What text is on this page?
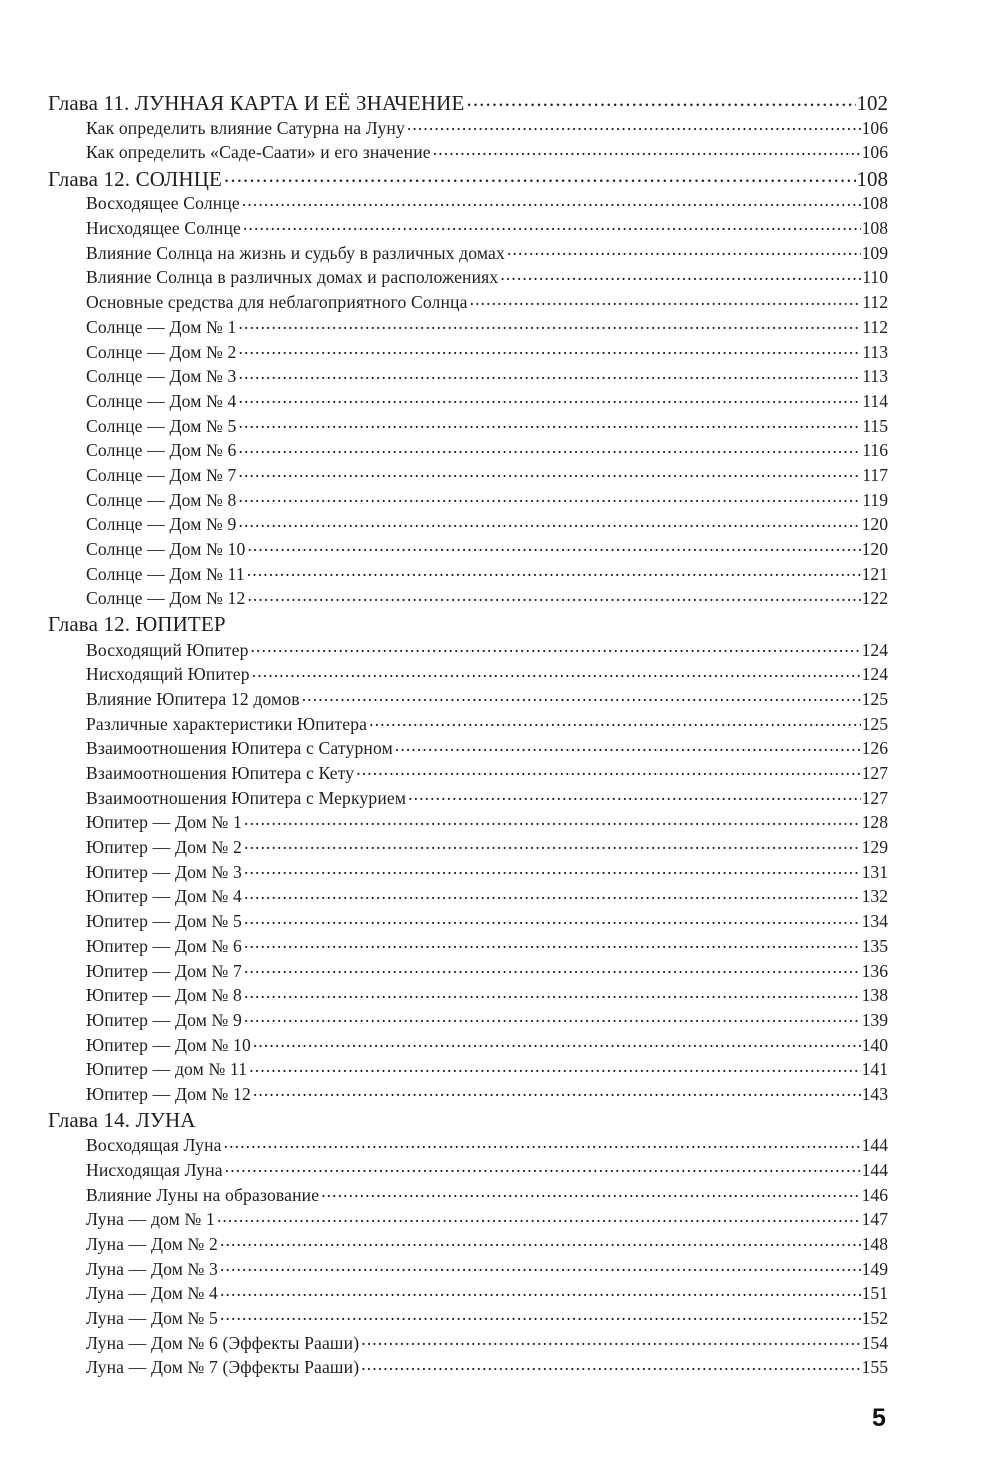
Глава 11. ЛУННАЯ КАРТА И ЕЁ ЗНАЧЕНИЕ .....	102
Как определить влияние Сатурна на Луну .....	106
Как определить «Саде-Саати» и его значение .....	106
Глава 12. СОЛНЦЕ .....	108
Восходящее Солнце .....	108
Нисходящее Солнце .....	108
Влияние Солнца на жизнь и судьбу в различных домах .....	109
Влияние Солнца в различных домах и расположениях .....	110
Основные средства для неблагоприятного Солнца .....	112
Солнце — Дом № 1 .....	112
Солнце — Дом № 2 .....	113
Солнце — Дом № 3 .....	113
Солнце — Дом № 4 .....	114
Солнце — Дом № 5 .....	115
Солнце — Дом № 6 .....	116
Солнце — Дом № 7 .....	117
Солнце — Дом № 8 .....	119
Солнце — Дом № 9 .....	120
Солнце — Дом № 10 .....	120
Солнце — Дом № 11 .....	121
Солнце — Дом № 12 .....	122
Глава 12. ЮПИТЕР
Восходящий Юпитер .....	124
Нисходящий Юпитер .....	124
Влияние Юпитера 12 домов .....	125
Различные характеристики Юпитера .....	125
Взаимоотношения Юпитера с Сатурном .....	126
Взаимоотношения Юпитера с Кету .....	127
Взаимоотношения Юпитера с Меркурием .....	127
Юпитер — Дом № 1 .....	128
Юпитер — Дом № 2 .....	129
Юпитер — Дом № 3 .....	131
Юпитер — Дом № 4 .....	132
Юпитер — Дом № 5 .....	134
Юпитер — Дом № 6 .....	135
Юпитер — Дом № 7 .....	136
Юпитер — Дом № 8 .....	138
Юпитер — Дом № 9 .....	139
Юпитер — Дом № 10 .....	140
Юпитер — дом № 11 .....	141
Юпитер — Дом № 12 .....	143
Глава 14. ЛУНА
Восходящая Луна .....	144
Нисходящая Луна .....	144
Влияние Луны на образование .....	146
Луна — дом № 1 .....	147
Луна — Дом № 2 .....	148
Луна — Дом № 3 .....	149
Луна — Дом № 4 .....	151
Луна — Дом № 5 .....	152
Луна — Дом № 6 (Эффекты Рааши) .....	154
Луна — Дом № 7 (Эффекты Рааши) .....	155
5
